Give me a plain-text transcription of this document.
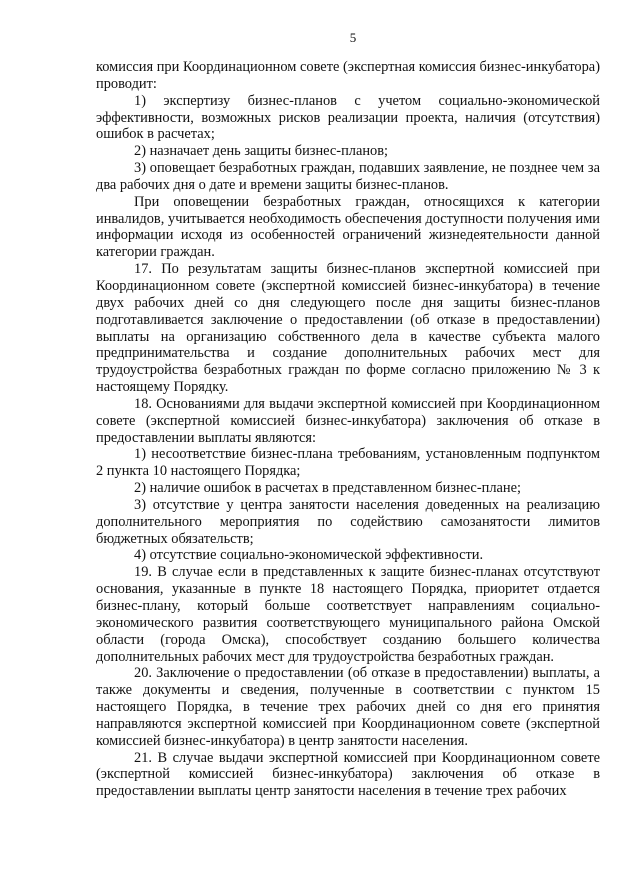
5

комиссия при Координационном совете (экспертная комиссия бизнес-инкубатора) проводит:

1) экспертизу бизнес-планов с учетом социально-экономической эффективности, возможных рисков реализации проекта, наличия (отсутствия) ошибок в расчетах;

2) назначает день защиты бизнес-планов;

3) оповещает безработных граждан, подавших заявление, не позднее чем за два рабочих дня о дате и времени защиты бизнес-планов.

При оповещении безработных граждан, относящихся к категории инвалидов, учитывается необходимость обеспечения доступности получения ими информации исходя из особенностей ограничений жизнедеятельности данной категории граждан.

17. По результатам защиты бизнес-планов экспертной комиссией при Координационном совете (экспертной комиссией бизнес-инкубатора) в течение двух рабочих дней со дня следующего после дня защиты бизнес-планов подготавливается заключение о предоставлении (об отказе в предоставлении) выплаты на организацию собственного дела в качестве субъекта малого предпринимательства и создание дополнительных рабочих мест для трудоустройства безработных граждан по форме согласно приложению № 3 к настоящему Порядку.

18. Основаниями для выдачи экспертной комиссией при Координационном совете (экспертной комиссией бизнес-инкубатора) заключения об отказе в предоставлении выплаты являются:

1) несоответствие бизнес-плана требованиям, установленным подпунктом 2 пункта 10 настоящего Порядка;

2) наличие ошибок в расчетах в представленном бизнес-плане;

3) отсутствие у центра занятости населения доведенных на реализацию дополнительного мероприятия по содействию самозанятости лимитов бюджетных обязательств;

4) отсутствие социально-экономической эффективности.

19. В случае если в представленных к защите бизнес-планах отсутствуют основания, указанные в пункте 18 настоящего Порядка, приоритет отдается бизнес-плану, который больше соответствует направлениям социально-экономического развития соответствующего муниципального района Омской области (города Омска), способствует созданию большего количества дополнительных рабочих мест для трудоустройства безработных граждан.

20. Заключение о предоставлении (об отказе в предоставлении) выплаты, а также документы и сведения, полученные в соответствии с пунктом 15 настоящего Порядка, в течение трех рабочих дней со дня его принятия направляются экспертной комиссией при Координационном совете (экспертной комиссией бизнес-инкубатора) в центр занятости населения.

21. В случае выдачи экспертной комиссией при Координационном совете (экспертной комиссией бизнес-инкубатора) заключения об отказе в предоставлении выплаты центр занятости населения в течение трех рабочих
